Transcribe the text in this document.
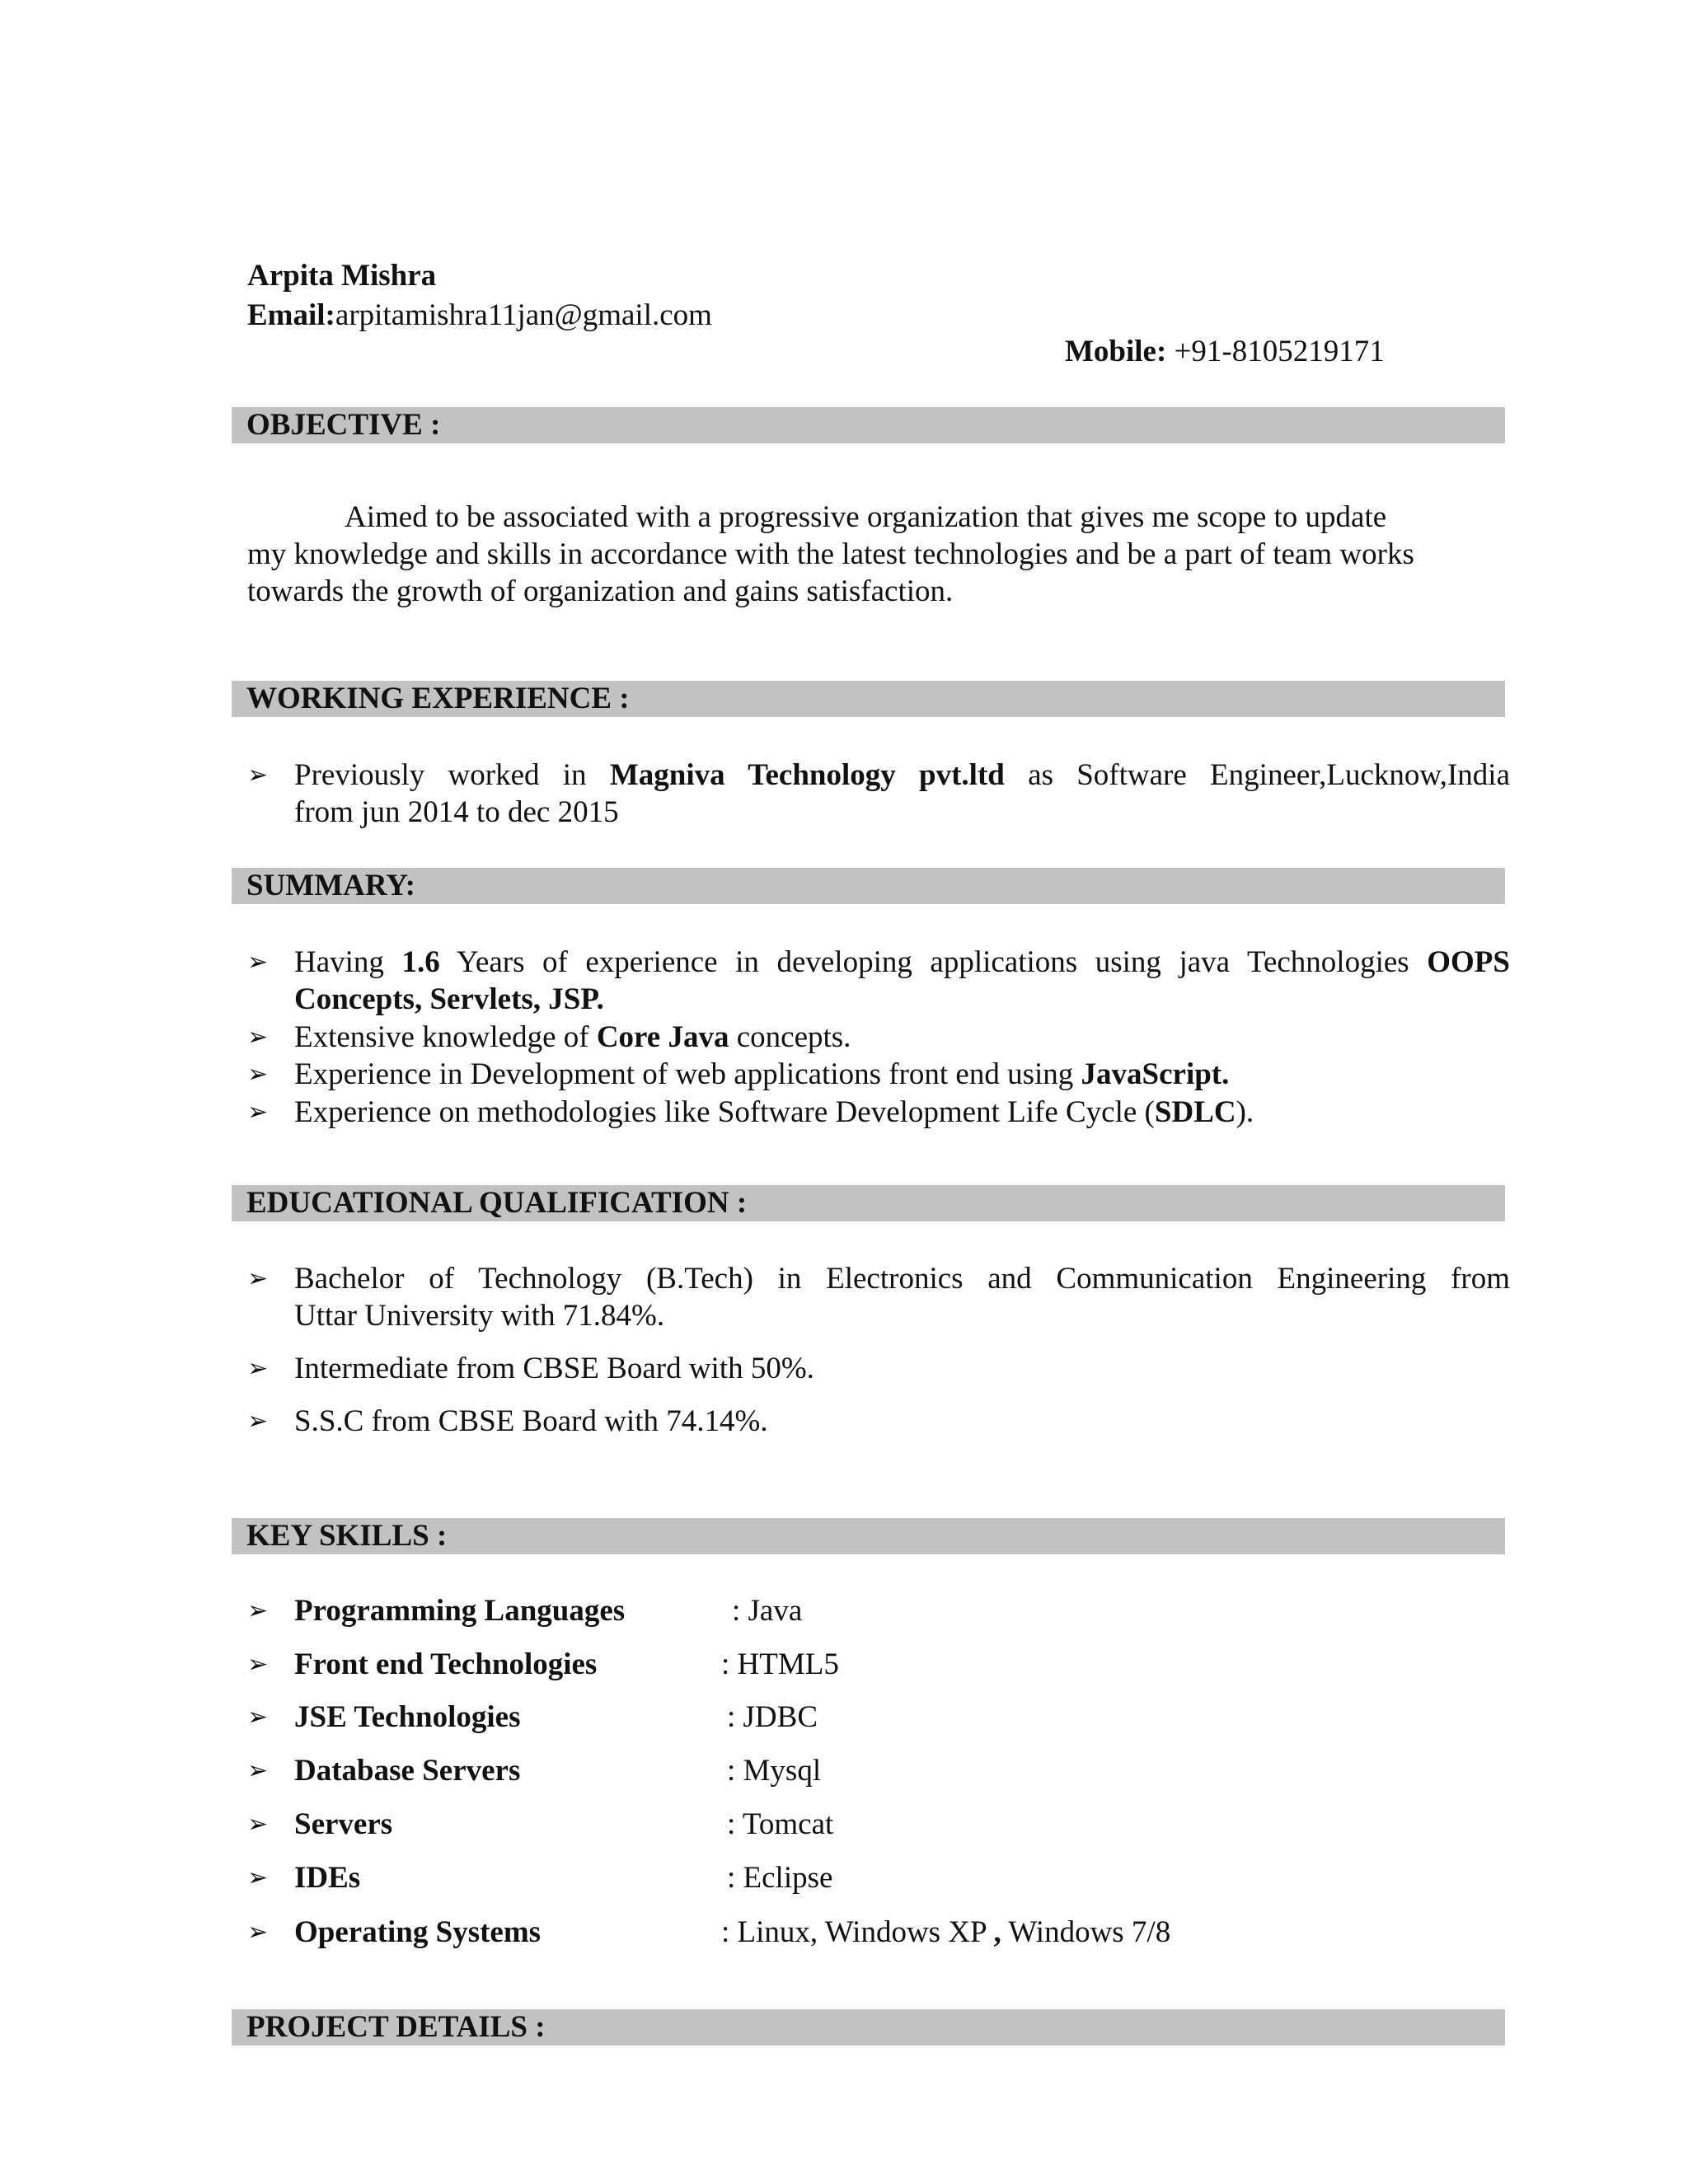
Arpita Mishra
Email:arpitamishra11jan@gmail.com
Mobile: +91-8105219171
OBJECTIVE :
Aimed to be associated with a progressive organization that gives me scope to update
my knowledge and skills in accordance with the latest technologies and be a part of team works
towards the growth of organization and gains satisfaction.
WORKING EXPERIENCE :
➢ Previously worked in Magniva Technology pvt.ltd as Software Engineer,Lucknow,India
from jun 2014 to dec 2015
SUMMARY:
➢ Having 1.6 Years of experience in developing applications using java Technologies OOPS
Concepts, Servlets, JSP.
➢ Extensive knowledge of Core Java concepts.
➢ Experience in Development of web applications front end using JavaScript.
➢ Experience on methodologies like Software Development Life Cycle (SDLC).
EDUCATIONAL QUALIFICATION :
➢ Bachelor of Technology (B.Tech) in Electronics and Communication Engineering from
Uttar University with 71.84%.
➢ Intermediate from CBSE Board with 50%.
➢ S.S.C from CBSE Board with 74.14%.
KEY SKILLS :
➢ Programming Languages	: Java
➢ Front end Technologies	: HTML5
➢ JSE Technologies	: JDBC
➢ Database Servers	: Mysql
➢ Servers	: Tomcat
➢ IDEs	: Eclipse
➢ Operating Systems	: Linux, Windows XP , Windows 7/8
PROJECT DETAILS :
